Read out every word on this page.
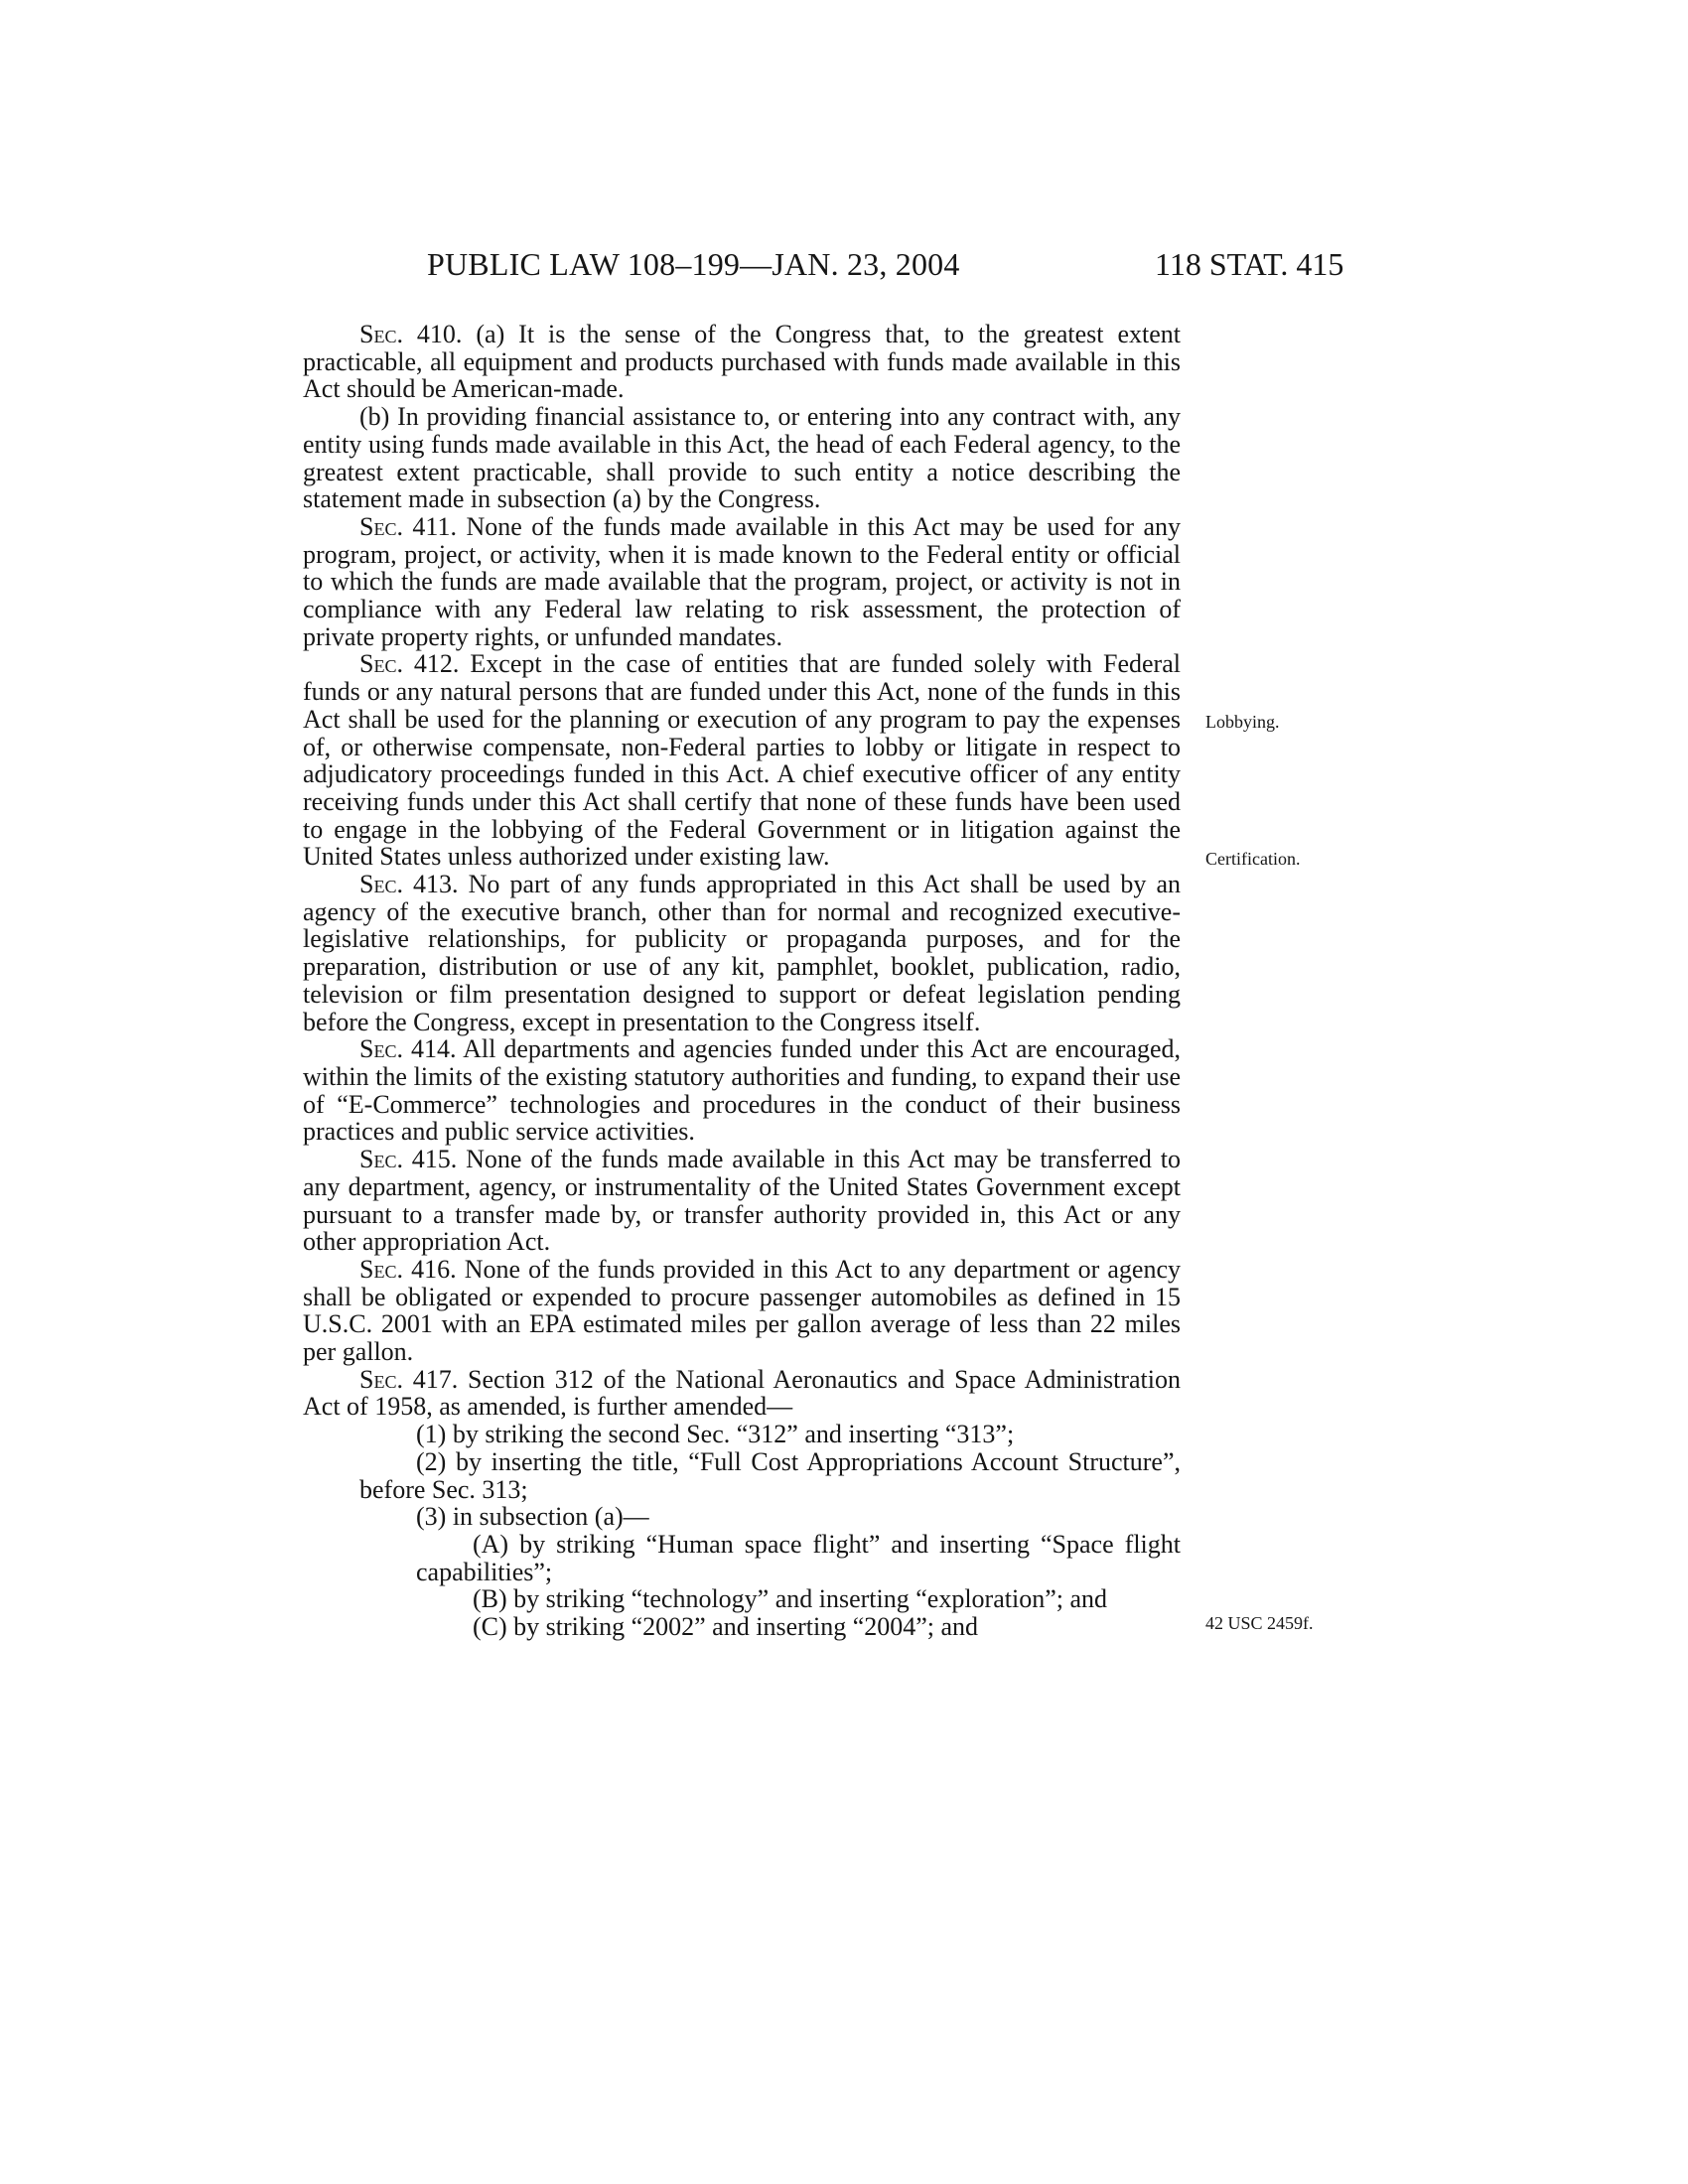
PUBLIC LAW 108–199—JAN. 23, 2004	118 STAT. 415

Sec. 410. (a) It is the sense of the Congress that, to the greatest extent practicable, all equipment and products purchased with funds made available in this Act should be American-made.

(b) In providing financial assistance to, or entering into any contract with, any entity using funds made available in this Act, the head of each Federal agency, to the greatest extent practicable, shall provide to such entity a notice describing the statement made in subsection (a) by the Congress.

Sec. 411. None of the funds made available in this Act may be used for any program, project, or activity, when it is made known to the Federal entity or official to which the funds are made available that the program, project, or activity is not in compliance with any Federal law relating to risk assessment, the protection of private property rights, or unfunded mandates.

Sec. 412. Except in the case of entities that are funded solely with Federal funds or any natural persons that are funded under this Act, none of the funds in this Act shall be used for the planning or execution of any program to pay the expenses of, or otherwise compensate, non-Federal parties to lobby or litigate in respect to adjudicatory proceedings funded in this Act. A chief executive officer of any entity receiving funds under this Act shall certify that none of these funds have been used to engage in the lobbying of the Federal Government or in litigation against the United States unless authorized under existing law.

Sec. 413. No part of any funds appropriated in this Act shall be used by an agency of the executive branch, other than for normal and recognized executive-legislative relationships, for publicity or propaganda purposes, and for the preparation, distribution or use of any kit, pamphlet, booklet, publication, radio, television or film presentation designed to support or defeat legislation pending before the Congress, except in presentation to the Congress itself.

Sec. 414. All departments and agencies funded under this Act are encouraged, within the limits of the existing statutory authorities and funding, to expand their use of “E-Commerce” technologies and procedures in the conduct of their business practices and public service activities.

Sec. 415. None of the funds made available in this Act may be transferred to any department, agency, or instrumentality of the United States Government except pursuant to a transfer made by, or transfer authority provided in, this Act or any other appropriation Act.

Sec. 416. None of the funds provided in this Act to any department or agency shall be obligated or expended to procure passenger automobiles as defined in 15 U.S.C. 2001 with an EPA estimated miles per gallon average of less than 22 miles per gallon.

Sec. 417. Section 312 of the National Aeronautics and Space Administration Act of 1958, as amended, is further amended—

(1) by striking the second Sec. “312” and inserting “313”;

(2) by inserting the title, “Full Cost Appropriations Account Structure”, before Sec. 313;

(3) in subsection (a)—

(A) by striking “Human space flight” and inserting “Space flight capabilities”;

(B) by striking “technology” and inserting “exploration”; and

(C) by striking “2002” and inserting “2004”; and

Lobbying.
Certification.
42 USC 2459f.
